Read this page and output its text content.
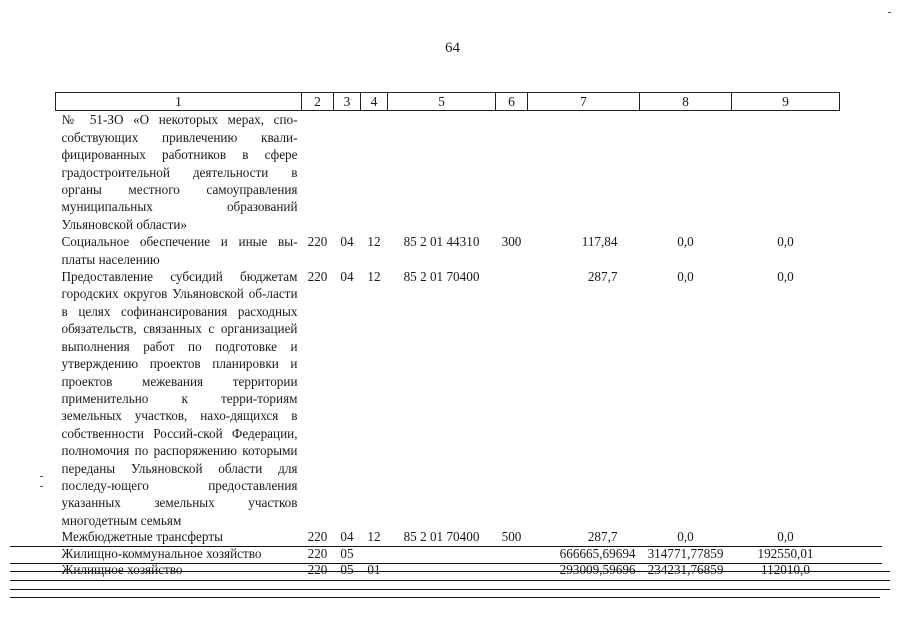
64
1	2	3	4	5	6	7	8	9
№ 51-ЗО «О некоторых мерах, спо-собствующих привлечению квали-фицированных работников в сфере градостроительной деятельности в органы местного самоуправления муниципальных образований Ульяновской области»								
Социальное обеспечение и иные вы-платы населению	220	04	12	85 2 01 44310	300	117,84	0,0	0,0
Предоставление субсидий бюджетам городских округов Ульяновской об-ласти в целях софинансирования расходных обязательств, связанных с организацией выполнения работ по подготовке и утверждению проектов планировки и проектов межевания территории применительно к терри-ториям земельных участков, нахо-дящихся в собственности Россий-ской Федерации, полномочия по распоряжению которыми переданы Ульяновской области для последу-ющего предоставления указанных земельных участков многодетным семьям	220	04	12	85 2 01 70400		287,7	0,0	0,0
Межбюджетные трансферты	220	04	12	85 2 01 70400	500	287,7	0,0	0,0
Жилищно-коммунальное хозяйство	220	05				666665,69694	314771,77859	192550,01
Жилищное хозяйство	220	05	01			293009,59696	234231,76859	112010,0
